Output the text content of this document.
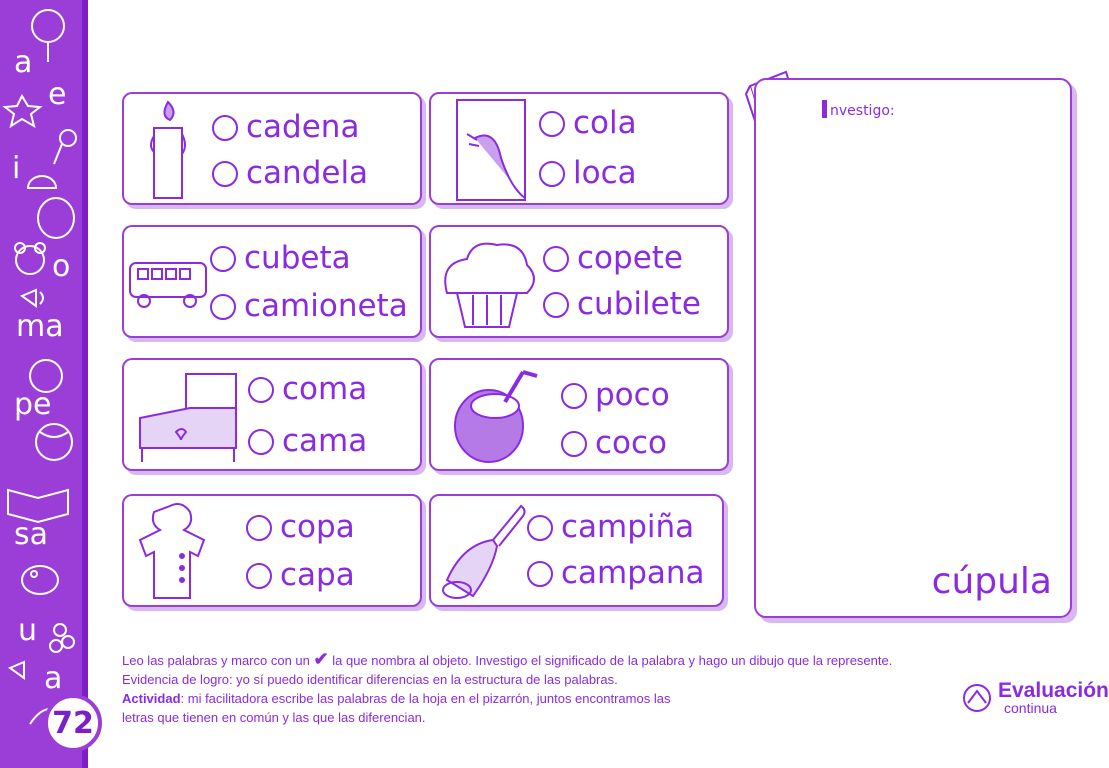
a
e
i
o
ma
pe
sa
u
a
72
cadena
candela
cola
loca
cubeta
camioneta
copete
cubilete
coma
cama
poco
coco
copa
capa
campiña
campana
nvestigo:
cúpula
Leo las palabras y marco con un ✔ la que nombra al objeto. Investigo el significado de la palabra y hago un dibujo que la represente.
Evidencia de logro: yo sí puedo identificar diferencias en la estructura de las palabras.
Actividad: mi facilitadora escribe las palabras de la hoja en el pizarrón, juntos encontramos las
letras que tienen en común y las que las diferencian.
Evaluación
continua
